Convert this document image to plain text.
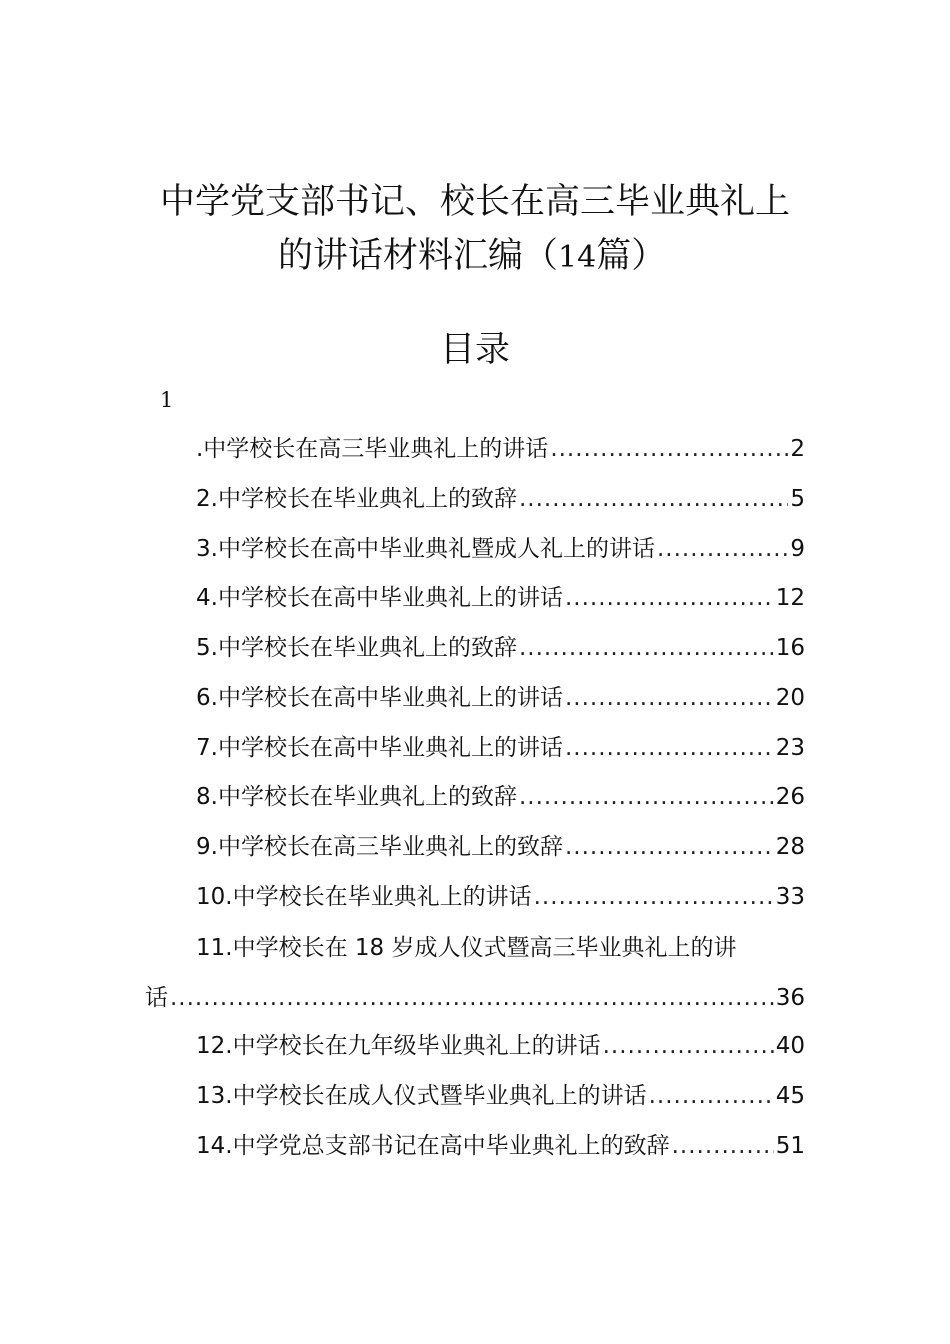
中学党支部书记、校长在高三毕业典礼上
的讲话材料汇编（14篇）
目录
1
.中学校长在高三毕业典礼上的讲话 .....	2
2.中学校长在毕业典礼上的致辞 .....	5
3.中学校长在高中毕业典礼暨成人礼上的讲话 .....	9
4.中学校长在高中毕业典礼上的讲话 .....	12
5.中学校长在毕业典礼上的致辞 .....	16
6.中学校长在高中毕业典礼上的讲话 .....	20
7.中学校长在高中毕业典礼上的讲话 .....	23
8.中学校长在毕业典礼上的致辞 .....	26
9.中学校长在高三毕业典礼上的致辞 .....	28
10.中学校长在毕业典礼上的讲话 .....	33
11.中学校长在 18 岁成人仪式暨高三毕业典礼上的讲
话 .....	36
12.中学校长在九年级毕业典礼上的讲话 .....	40
13.中学校长在成人仪式暨毕业典礼上的讲话 .....	45
14.中学党总支部书记在高中毕业典礼上的致辞 .....	51
